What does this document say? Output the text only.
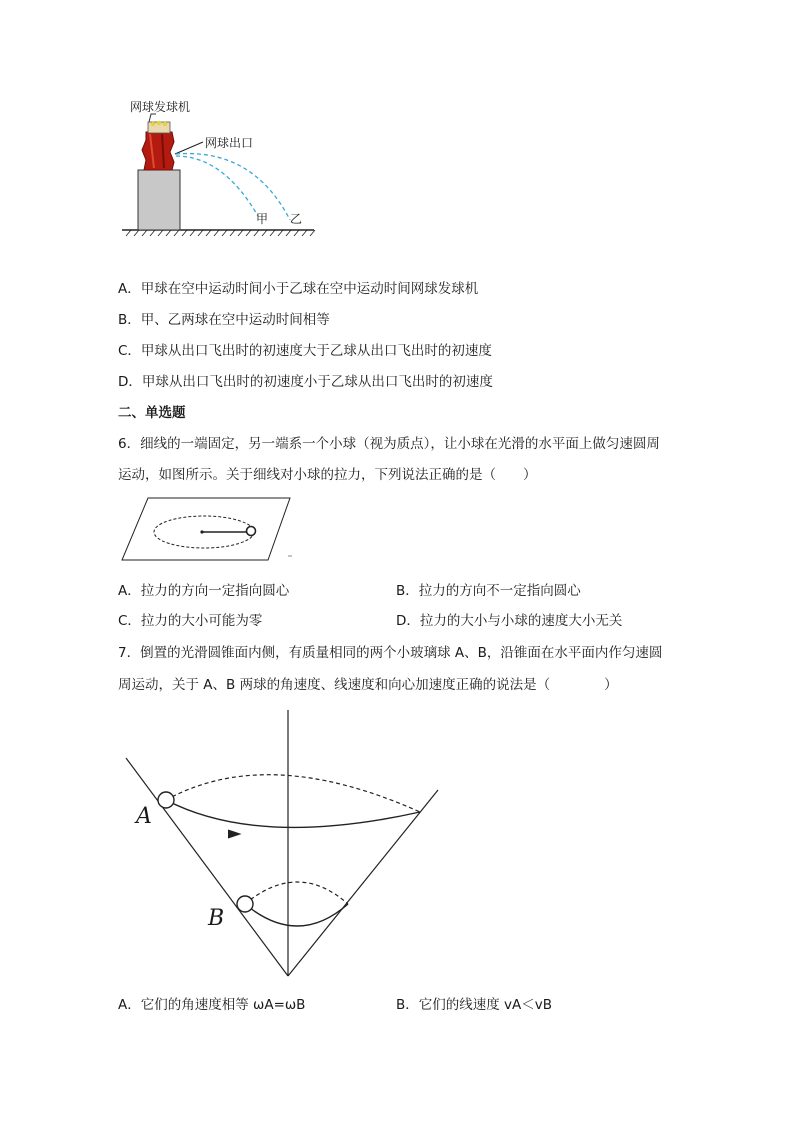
网球发球机
网球出口
甲 乙
A．甲球在空中运动时间小于乙球在空中运动时间网球发球机
B．甲、乙两球在空中运动时间相等
C．甲球从出口飞出时的初速度大于乙球从出口飞出时的初速度
D．甲球从出口飞出时的初速度小于乙球从出口飞出时的初速度
二、单选题
6．细线的一端固定，另一端系一个小球（视为质点），让小球在光滑的水平面上做匀速圆周
运动，如图所示。关于细线对小球的拉力，下列说法正确的是（　　）
A．拉力的方向一定指向圆心	B．拉力的方向不一定指向圆心
C．拉力的大小可能为零	D．拉力的大小与小球的速度大小无关
7．倒置的光滑圆锥面内侧，有质量相同的两个小玻璃球 A、B，沿锥面在水平面内作匀速圆
周运动，关于 A、B 两球的角速度、线速度和向心加速度正确的说法是（　　　　）
A
B
A．它们的角速度相等 ωA=ωB	B．它们的线速度 vA＜vB
